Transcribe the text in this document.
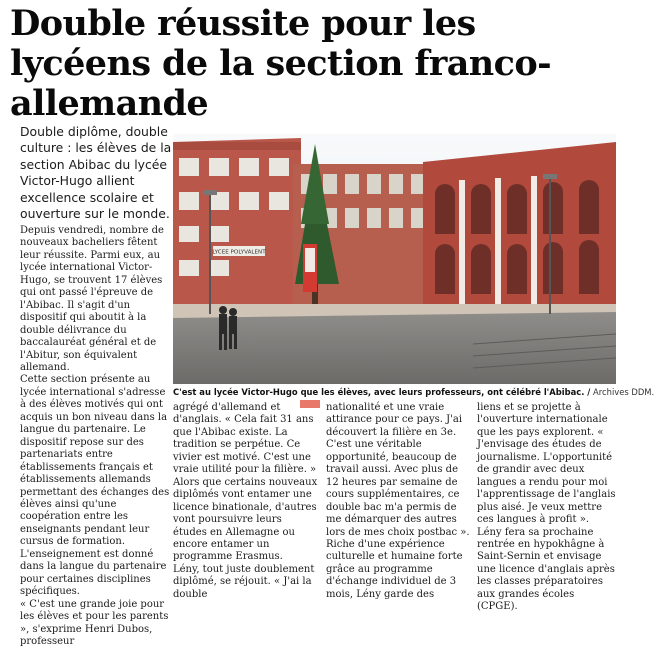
Double réussite pour les lycéens de la section franco-allemande
Double diplôme, double culture : les élèves de la section Abibac du lycée Victor-Hugo allient excellence scolaire et ouverture sur le monde.

Depuis vendredi, nombre de nouveaux bacheliers fêtent leur réussite. Parmi eux, au lycée international Victor-Hugo, se trouvent 17 élèves qui ont passé l'épreuve de l'Abibac. Il s'agit d'un dispositif qui aboutit à la double délivrance du baccalauréat général et de l'Abitur, son équivalent allemand.

Cette section présente au lycée international s'adresse à des élèves motivés qui ont acquis un bon niveau dans la langue du partenaire. Le dispositif repose sur des partenariats entre établissements français et établissements allemands permettant des échanges des élèves ainsi qu'une coopération entre les enseignants pendant leur cursus de formation. L'enseignement est donné dans la langue du partenaire pour certaines disciplines spécifiques.

« C'est une grande joie pour les élèves et pour les parents », s'exprime Henri Dubos, professeur

LYCEE POLYVALENT
C'est au lycée Victor-Hugo que les élèves, avec leurs professeurs, ont célébré l'Abibac. / Archives DDM.

agrégé d'allemand et d'anglais. « Cela fait 31 ans que l'Abibac existe. La tradition se perpétue. Ce vivier est motivé. C'est une vraie utilité pour la filière. » Alors que certains nouveaux diplômés vont entamer une licence binationale, d'autres vont poursuivre leurs études en Allemagne ou encore entamer un programme Erasmus.

Lény, tout juste doublement diplômé, se réjouit. « J'ai la double

nationalité et une vraie attirance pour ce pays. J'ai découvert la filière en 3e. C'est une véritable opportunité, beaucoup de travail aussi. Avec plus de 12 heures par semaine de cours supplémentaires, ce double bac m'a permis de me démarquer des autres lors de mes choix postbac ». Riche d'une expérience culturelle et humaine forte grâce au programme d'échange individuel de 3 mois, Lény garde des

liens et se projette à l'ouverture internationale que les pays explorent. « J'envisage des études de journalisme. L'opportunité de grandir avec deux langues a rendu pour moi l'apprentissage de l'anglais plus aisé. Je veux mettre ces langues à profit ».

Lény fera sa prochaine rentrée en hypokhâgne à Saint-Sernin et envisage une licence d'anglais après les classes préparatoires aux grandes écoles (CPGE).
